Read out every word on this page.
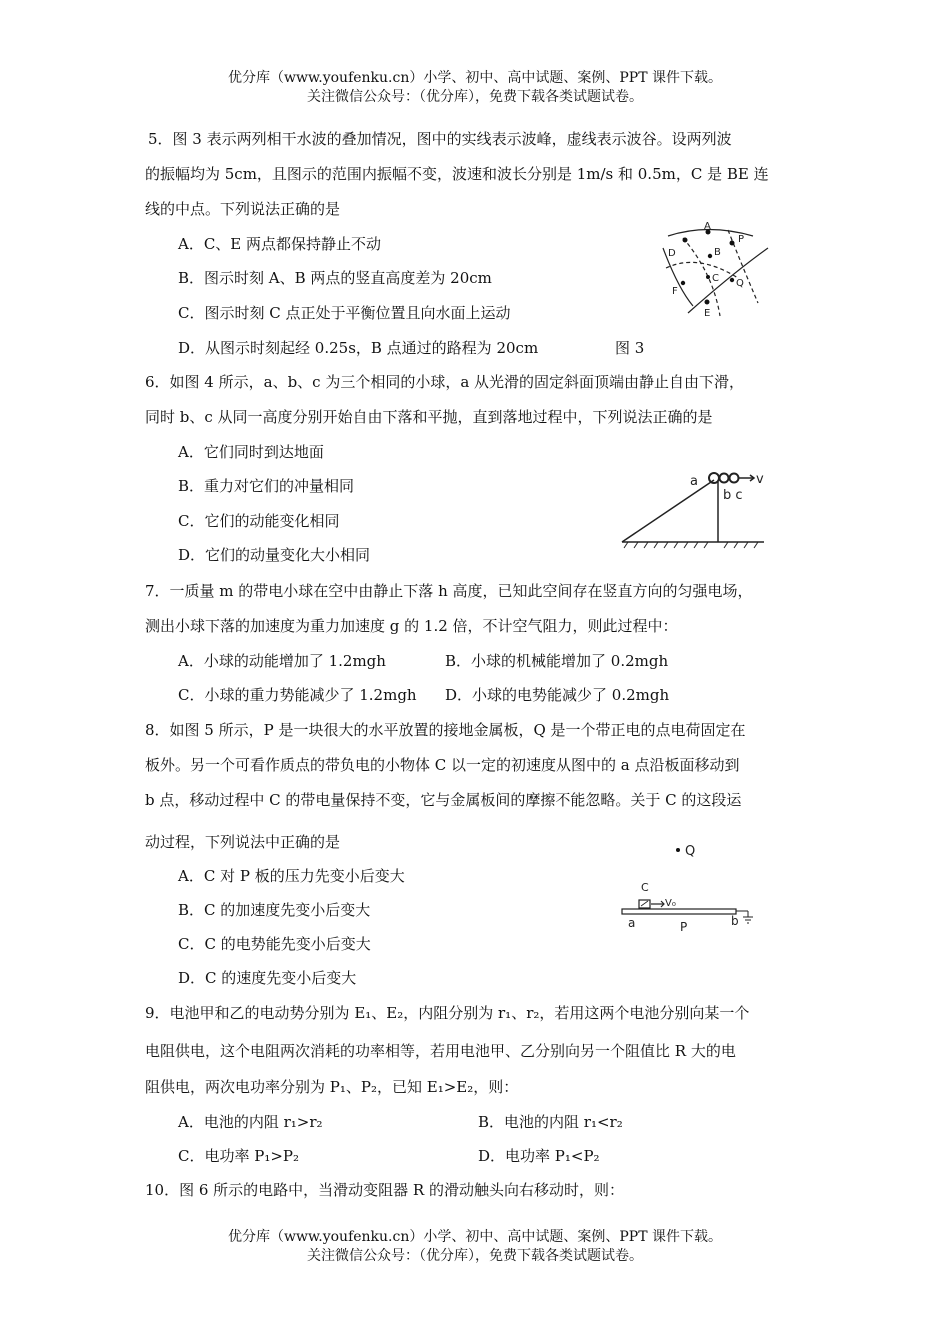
优分库（www.youfenku.cn）小学、初中、高中试题、案例、PPT 课件下载。
关注微信公众号：（优分库），免费下载各类试题试卷。
5．图 3 表示两列相干水波的叠加情况，图中的实线表示波峰，虚线表示波谷。设两列波
的振幅均为 5cm，且图示的范围内振幅不变，波速和波长分别是 1m/s 和 0.5m，C 是 BE 连
线的中点。下列说法正确的是
A．C、E 两点都保持静止不动
B．图示时刻 A、B 两点的竖直高度差为 20cm
C．图示时刻 C 点正处于平衡位置且向水面上运动
D．从图示时刻起经 0.25s，B 点通过的路程为 20cm	图 3
A
D	B
C
P
F
Q
E
6．如图 4 所示，a、b、c 为三个相同的小球，a 从光滑的固定斜面顶端由静止自由下滑，
同时 b、c 从同一高度分别开始自由下落和平抛，直到落地过程中，下列说法正确的是
A．它们同时到达地面
B．重力对它们的冲量相同
C．它们的动能变化相同
D．它们的动量变化大小相同
a
b c
v
7．一质量 m 的带电小球在空中由静止下落 h 高度，已知此空间存在竖直方向的匀强电场，
测出小球下落的加速度为重力加速度 g 的 1.2 倍，不计空气阻力，则此过程中：
A．小球的动能增加了 1.2mgh	B．小球的机械能增加了 0.2mgh
C．小球的重力势能减少了 1.2mgh D．小球的电势能减少了 0.2mgh
8．如图 5 所示，P 是一块很大的水平放置的接地金属板，Q 是一个带正电的点电荷固定在
板外。另一个可看作质点的带负电的小物体 C 以一定的初速度从图中的 a 点沿板面移动到
b 点，移动过程中 C 的带电量保持不变，它与金属板间的摩擦不能忽略。关于 C 的这段运
动过程，下列说法中正确的是
A．C 对 P 板的压力先变小后变大
B．C 的加速度先变小后变大
C．C 的电势能先变小后变大
D．C 的速度先变小后变大
Q
C
V₀
a	P	b
9．电池甲和乙的电动势分别为 E₁、E₂，内阻分别为 r₁、r₂，若用这两个电池分别向某一个
电阻供电，这个电阻两次消耗的功率相等，若用电池甲、乙分别向另一个阻值比 R 大的电
阻供电，两次电功率分别为 P₁、P₂，已知 E₁>E₂，则：
A．电池的内阻 r₁>r₂	B．电池的内阻 r₁<r₂
C．电功率 P₁>P₂	D．电功率 P₁<P₂
10．图 6 所示的电路中，当滑动变阻器 R 的滑动触头向右移动时，则：
优分库（www.youfenku.cn）小学、初中、高中试题、案例、PPT 课件下载。
关注微信公众号：（优分库），免费下载各类试题试卷。
